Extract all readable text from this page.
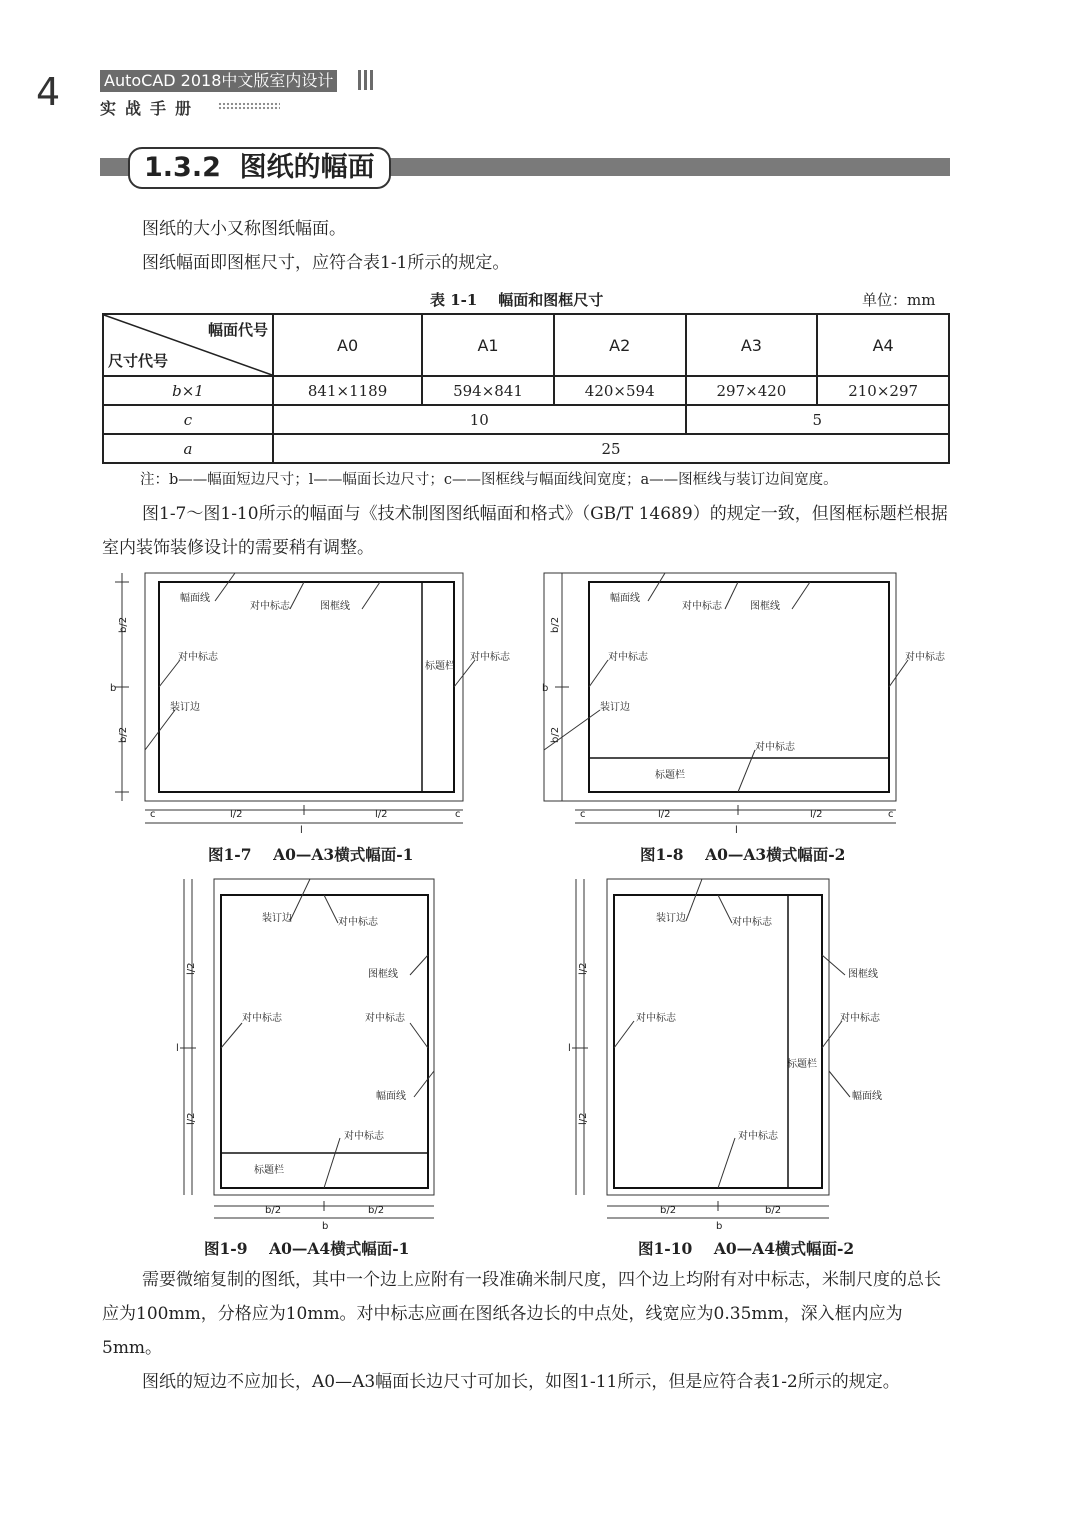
4	AutoCAD 2018中文版室内设计
实战手册
1.3.2  图纸的幅面

图纸的大小又称图纸幅面。

图纸幅面即图框尺寸，应符合表1-1所示的规定。

表 1-1    幅面和图框尺寸	单位：mm
幅面代号
尺寸代号	A0	A1	A2	A3	A4
b×1	841×1189	594×841	420×594	297×420	210×297
c	10			5	
a	25				
注：b——幅面短边尺寸；l——幅面长边尺寸；c——图框线与幅面线间宽度；a——图框线与装订边间宽度。

图1-7～图1-10所示的幅面与《技术制图图纸幅面和格式》（GB/T 14689）的规定一致，但图框标题栏根据室内装饰装修设计的需要稍有调整。

b/2
b
b/2
l/2	l/2
l
c	c
幅面线
对中标志	图框线
对中标志
装订边
标题栏
对中标志
图1-7    A0—A3横式幅面-1
b/2
b
b/2
l/2	l/2
l
c	c
幅面线
对中标志	图框线
对中标志
装订边
对中标志
标题栏
对中标志
图1-8    A0—A3横式幅面-2
l/2
l
l/2
b/2	b/2
b
装订边	对中标志
图框线
对中标志	对中标志
幅面线
对中标志
标题栏
图1-9    A0—A4横式幅面-1
l/2
l
l/2
b/2	b/2
b
装订边	对中标志
图框线
对中标志	对中标志
标题栏
幅面线
对中标志
图1-10    A0—A4横式幅面-2

需要微缩复制的图纸，其中一个边上应附有一段准确米制尺度，四个边上均附有对中标志，米制尺度的总长应为100mm，分格应为10mm。对中标志应画在图纸各边长的中点处，线宽应为0.35mm，深入框内应为5mm。

图纸的短边不应加长，A0—A3幅面长边尺寸可加长，如图1-11所示，但是应符合表1-2所示的规定。
